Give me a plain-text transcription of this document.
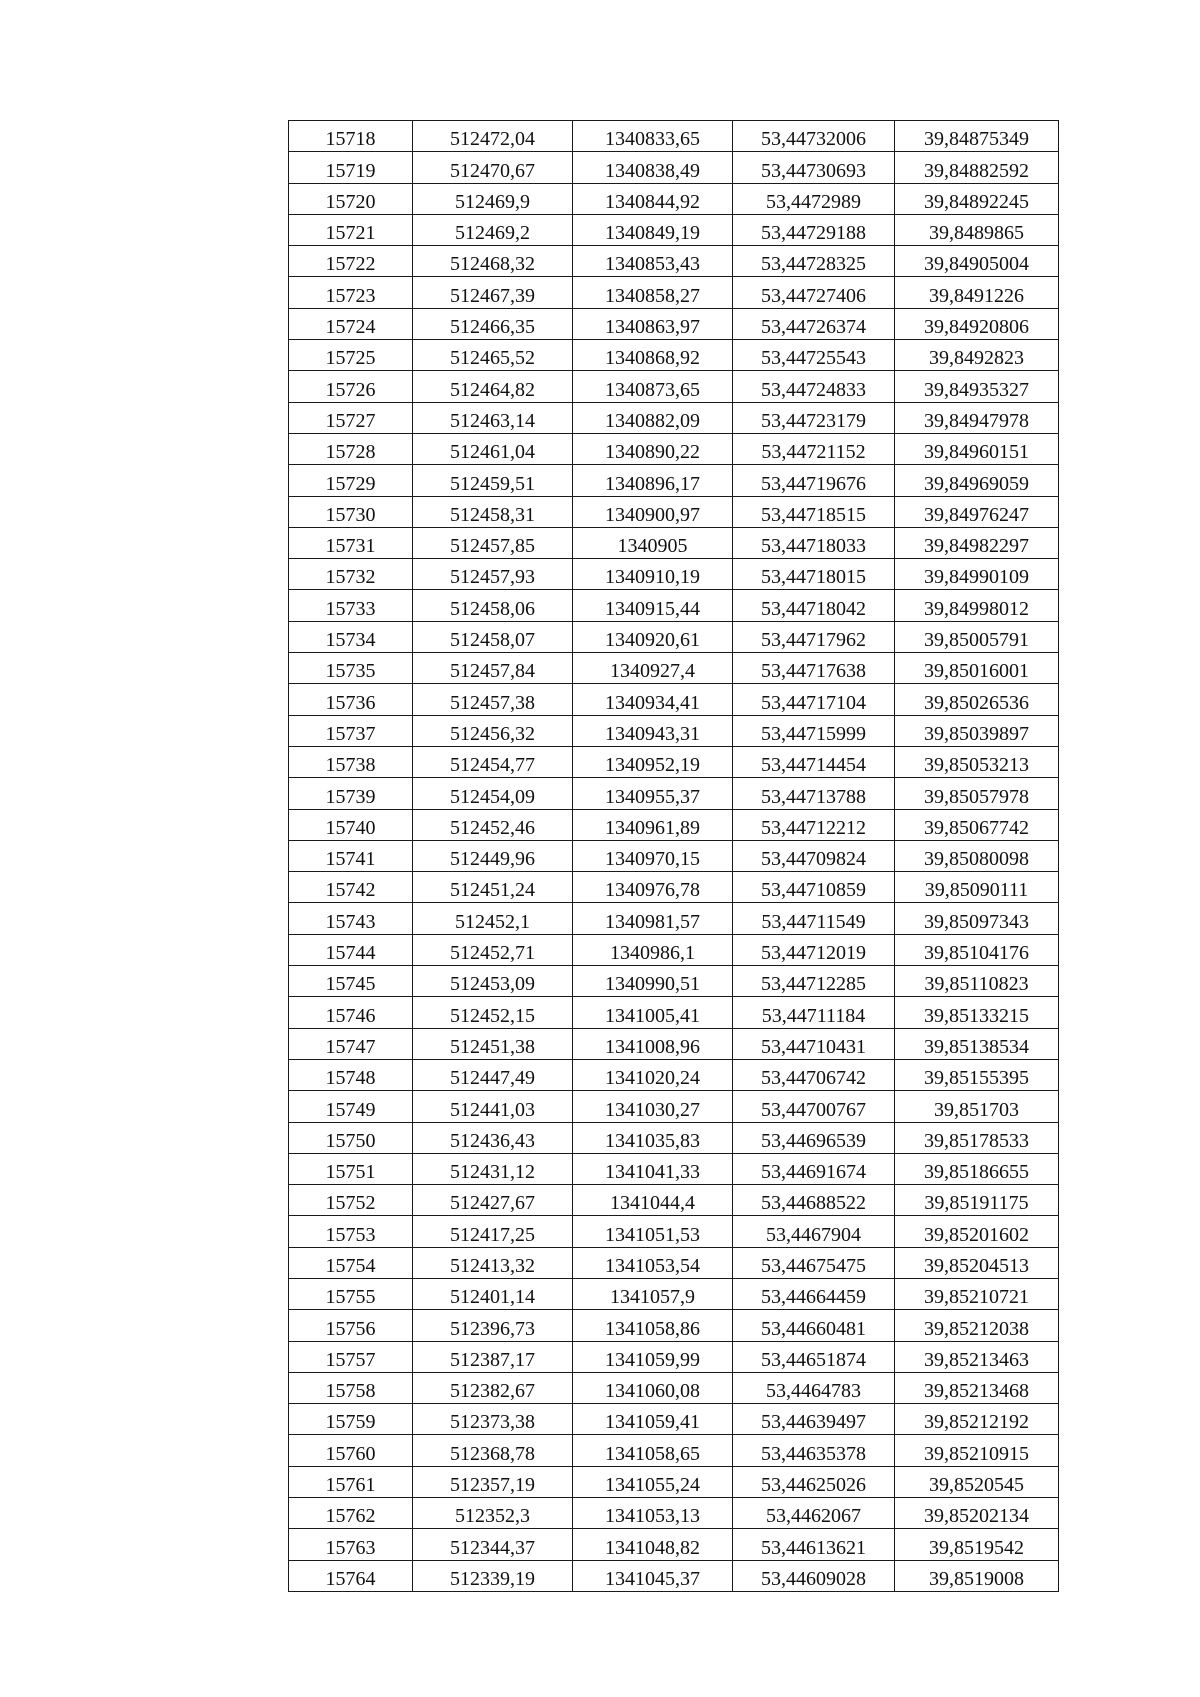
15718	512472,04	1340833,65	53,44732006	39,84875349
15719	512470,67	1340838,49	53,44730693	39,84882592
15720	512469,9	1340844,92	53,4472989	39,84892245
15721	512469,2	1340849,19	53,44729188	39,8489865
15722	512468,32	1340853,43	53,44728325	39,84905004
15723	512467,39	1340858,27	53,44727406	39,8491226
15724	512466,35	1340863,97	53,44726374	39,84920806
15725	512465,52	1340868,92	53,44725543	39,8492823
15726	512464,82	1340873,65	53,44724833	39,84935327
15727	512463,14	1340882,09	53,44723179	39,84947978
15728	512461,04	1340890,22	53,44721152	39,84960151
15729	512459,51	1340896,17	53,44719676	39,84969059
15730	512458,31	1340900,97	53,44718515	39,84976247
15731	512457,85	1340905	53,44718033	39,84982297
15732	512457,93	1340910,19	53,44718015	39,84990109
15733	512458,06	1340915,44	53,44718042	39,84998012
15734	512458,07	1340920,61	53,44717962	39,85005791
15735	512457,84	1340927,4	53,44717638	39,85016001
15736	512457,38	1340934,41	53,44717104	39,85026536
15737	512456,32	1340943,31	53,44715999	39,85039897
15738	512454,77	1340952,19	53,44714454	39,85053213
15739	512454,09	1340955,37	53,44713788	39,85057978
15740	512452,46	1340961,89	53,44712212	39,85067742
15741	512449,96	1340970,15	53,44709824	39,85080098
15742	512451,24	1340976,78	53,44710859	39,85090111
15743	512452,1	1340981,57	53,44711549	39,85097343
15744	512452,71	1340986,1	53,44712019	39,85104176
15745	512453,09	1340990,51	53,44712285	39,85110823
15746	512452,15	1341005,41	53,44711184	39,85133215
15747	512451,38	1341008,96	53,44710431	39,85138534
15748	512447,49	1341020,24	53,44706742	39,85155395
15749	512441,03	1341030,27	53,44700767	39,851703
15750	512436,43	1341035,83	53,44696539	39,85178533
15751	512431,12	1341041,33	53,44691674	39,85186655
15752	512427,67	1341044,4	53,44688522	39,85191175
15753	512417,25	1341051,53	53,4467904	39,85201602
15754	512413,32	1341053,54	53,44675475	39,85204513
15755	512401,14	1341057,9	53,44664459	39,85210721
15756	512396,73	1341058,86	53,44660481	39,85212038
15757	512387,17	1341059,99	53,44651874	39,85213463
15758	512382,67	1341060,08	53,4464783	39,85213468
15759	512373,38	1341059,41	53,44639497	39,85212192
15760	512368,78	1341058,65	53,44635378	39,85210915
15761	512357,19	1341055,24	53,44625026	39,8520545
15762	512352,3	1341053,13	53,4462067	39,85202134
15763	512344,37	1341048,82	53,44613621	39,8519542
15764	512339,19	1341045,37	53,44609028	39,8519008
